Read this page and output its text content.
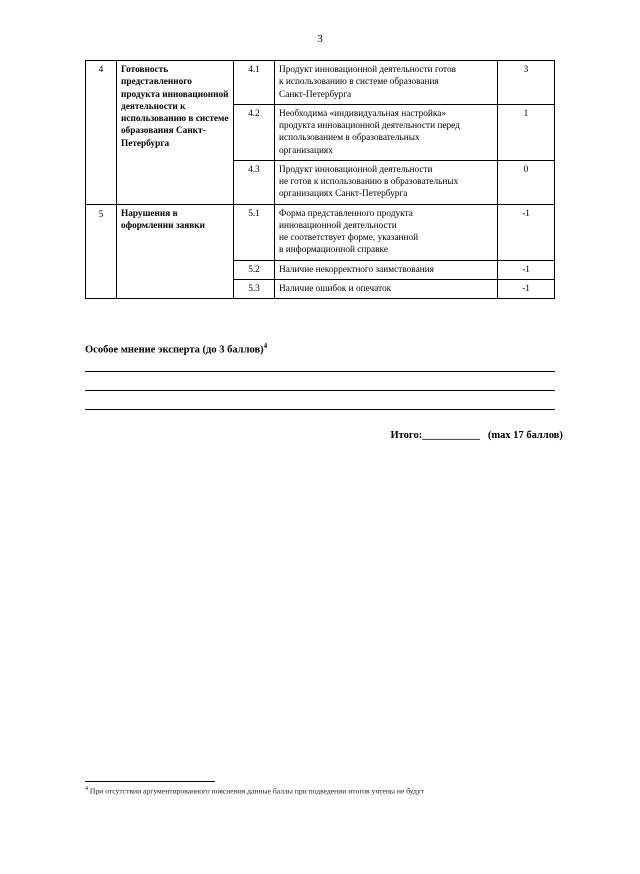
3
4	Готовность представленного продукта инновационной деятельности к использованию в системе образования Санкт-Петербурга	4.1	Продукт инновационной деятельности готов
к использованию в системе образования
Санкт-Петербурга	3
		4.2	Необходима «индивидуальная настройка»
продукта инновационной деятельности перед
использованием в образовательных
организациях	1
		4.3	Продукт инновационной деятельности
не готов к использованию в образовательных
организациях Санкт-Петербурга	0
5	Нарушения в оформлении заявки	5.1	Форма представленного продукта
инновационной деятельности
не соответствует форме, указанной
в информационной справке	-1
		5.2	Наличие некорректного заимствования	-1
		5.3	Наличие ошибок и опечаток	-1
Особое мнение эксперта (до 3 баллов)$^4$

Итого:___________ (max 17 баллов)

$^4$ При отсутствии аргументированного пояснения данные баллы при подведении итогов учтены не будут
